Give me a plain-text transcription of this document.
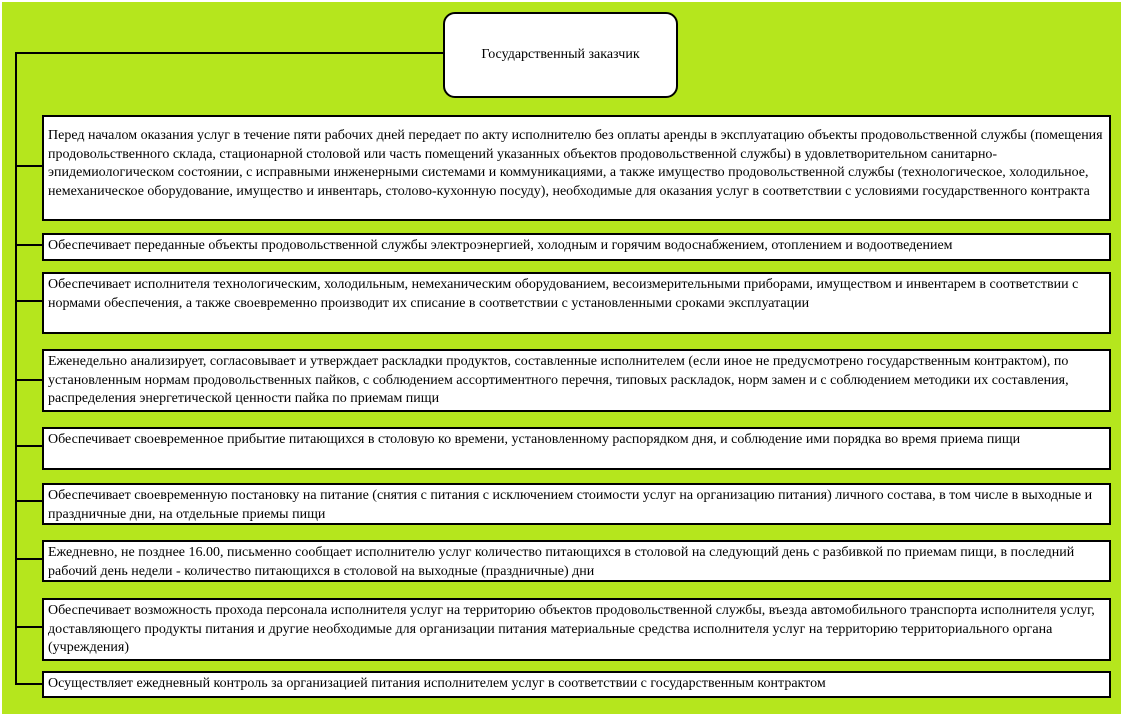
Государственный заказчик
Перед началом оказания услуг в течение пяти рабочих дней передает по акту исполнителю без оплаты аренды в эксплуатацию объекты продовольственной службы (помещения продовольственного склада, стационарной столовой или часть помещений указанных объектов продовольственной службы) в удовлетворительном санитарно-эпидемиологическом состоянии, с исправными инженерными системами и коммуникациями, а также имущество продовольственной службы (технологическое, холодильное, немеханическое оборудование, имущество и инвентарь, столово-кухонную посуду), необходимые для оказания услуг в соответствии с условиями государственного контракта
Обеспечивает переданные объекты продовольственной службы электроэнергией, холодным и горячим водоснабжением, отоплением и водоотведением
Обеспечивает исполнителя технологическим, холодильным, немеханическим оборудованием, весоизмерительными приборами, имуществом и инвентарем в соответствии с нормами обеспечения, а также своевременно производит их списание в соответствии с установленными сроками эксплуатации
Еженедельно анализирует, согласовывает и утверждает раскладки продуктов, составленные исполнителем (если иное не предусмотрено государственным контрактом), по установленным нормам продовольственных пайков, с соблюдением ассортиментного перечня, типовых раскладок, норм замен и с соблюдением методики их составления, распределения энергетической ценности пайка по приемам пищи
Обеспечивает своевременное прибытие питающихся в столовую ко времени, установленному распорядком дня, и соблюдение ими порядка во время приема пищи
Обеспечивает своевременную постановку на питание (снятия с питания с исключением стоимости услуг на организацию питания) личного состава, в том числе в выходные и праздничные дни, на отдельные приемы пищи
Ежедневно, не позднее 16.00, письменно сообщает исполнителю услуг количество питающихся в столовой на следующий день с разбивкой по приемам пищи, в последний рабочий день недели - количество питающихся в столовой на выходные (праздничные) дни
Обеспечивает возможность прохода персонала исполнителя услуг на территорию объектов продовольственной службы, въезда автомобильного транспорта исполнителя услуг, доставляющего продукты питания и другие необходимые для организации питания материальные средства исполнителя услуг на территорию территориального органа (учреждения)
Осуществляет ежедневный контроль за организацией питания исполнителем услуг в соответствии с государственным контрактом
